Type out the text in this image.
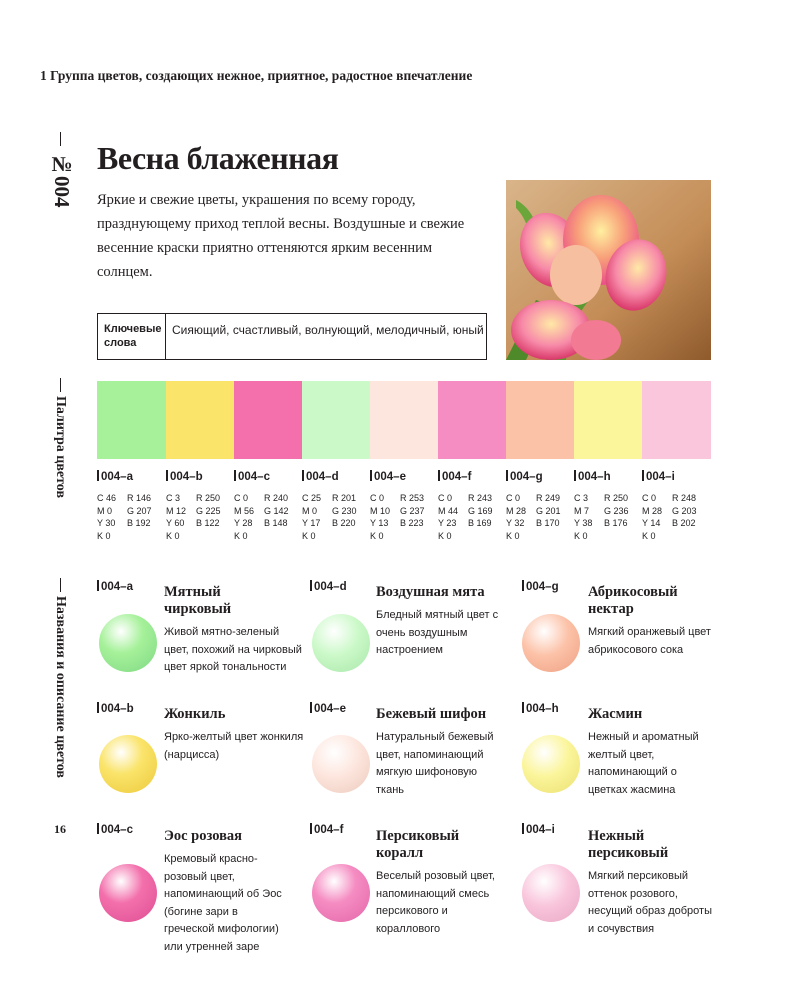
1 Группа цветов, создающих нежное, приятное, радостное впечатление
№004
Палитра цветов
Названия и описание цветов
16
Весна блаженная
Яркие и свежие цветы, украшения по всему городу, празднующему приход теплой весны. Воздушные и свежие весенние краски приятно оттеняются ярким весенним солнцем.
Ключевые слова
Сияющий, счастливый, волнующий, мелодичный, юный
004–a	004–b	004–c	004–d	004–e	004–f	004–g	004–h	004–i
C 46	R 146
M 0	G 207
Y 30	B 192
K 0
C 3	R 250
M 12	G 225
Y 60	B 122
K 0
C 0	R 240
M 56	G 142
Y 28	B 148
K 0
C 25	R 201
M 0	G 230
Y 17	B 220
K 0
C 0	R 253
M 10	G 237
Y 13	B 223
K 0
C 0	R 243
M 44	G 169
Y 23	B 169
K 0
C 0	R 249
M 28	G 201
Y 32	B 170
K 0
C 3	R 250
M 7	G 236
Y 38	B 176
K 0
C 0	R 248
M 28	G 203
Y 14	B 202
K 0
004–a Мятный чирковый
Живой мятно-зеленый цвет, похожий на чирковый цвет яркой тональности
004–d Воздушная мята
Бледный мятный цвет с очень воздушным настроением
004–g Абрикосовый нектар
Мягкий оранжевый цвет абрикосового сока
004–b Жонкиль
Ярко-желтый цвет жонкиля (нарцисса)
004–e Бежевый шифон
Натуральный бежевый цвет, напоминающий мягкую шифоновую ткань
004–h Жасмин
Нежный и ароматный желтый цвет, напоминающий о цветках жасмина
004–c Эос розовая
Кремовый красно-розовый цвет, напоминающий об Эос (богине зари в греческой мифологии) или утренней заре
004–f Персиковый коралл
Веселый розовый цвет, напоминающий смесь персикового и кораллового
004–i Нежный персиковый
Мягкий персиковый оттенок розового, несущий образ доброты и сочувствия
